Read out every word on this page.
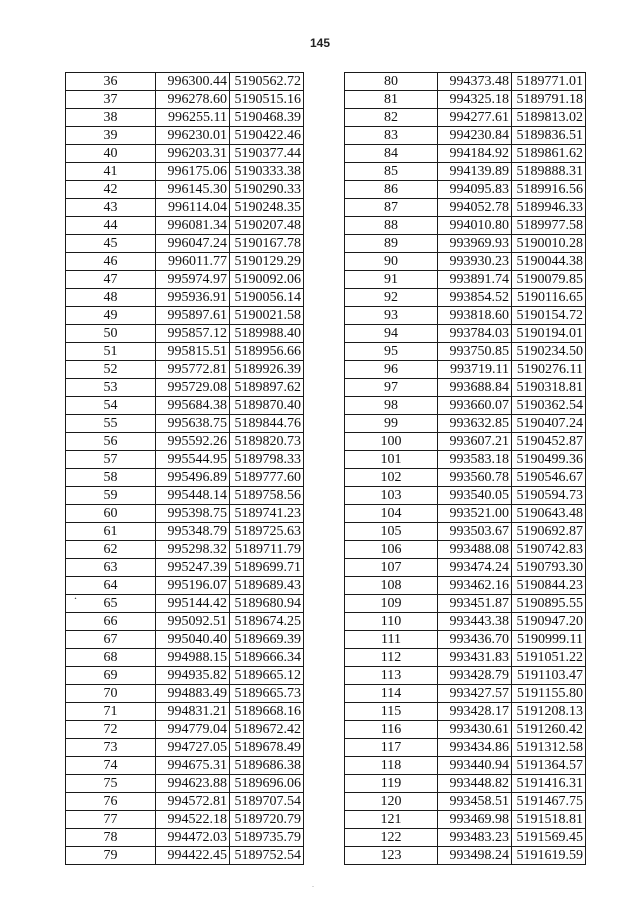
145
36	996300.44	5190562.72
37	996278.60	5190515.16
38	996255.11	5190468.39
39	996230.01	5190422.46
40	996203.31	5190377.44
41	996175.06	5190333.38
42	996145.30	5190290.33
43	996114.04	5190248.35
44	996081.34	5190207.48
45	996047.24	5190167.78
46	996011.77	5190129.29
47	995974.97	5190092.06
48	995936.91	5190056.14
49	995897.61	5190021.58
50	995857.12	5189988.40
51	995815.51	5189956.66
52	995772.81	5189926.39
53	995729.08	5189897.62
54	995684.38	5189870.40
55	995638.75	5189844.76
56	995592.26	5189820.73
57	995544.95	5189798.33
58	995496.89	5189777.60
59	995448.14	5189758.56
60	995398.75	5189741.23
61	995348.79	5189725.63
62	995298.32	5189711.79
63	995247.39	5189699.71
64	995196.07	5189689.43
65	995144.42	5189680.94
66	995092.51	5189674.25
67	995040.40	5189669.39
68	994988.15	5189666.34
69	994935.82	5189665.12
70	994883.49	5189665.73
71	994831.21	5189668.16
72	994779.04	5189672.42
73	994727.05	5189678.49
74	994675.31	5189686.38
75	994623.88	5189696.06
76	994572.81	5189707.54
77	994522.18	5189720.79
78	994472.03	5189735.79
79	994422.45	5189752.54
80	994373.48	5189771.01
81	994325.18	5189791.18
82	994277.61	5189813.02
83	994230.84	5189836.51
84	994184.92	5189861.62
85	994139.89	5189888.31
86	994095.83	5189916.56
87	994052.78	5189946.33
88	994010.80	5189977.58
89	993969.93	5190010.28
90	993930.23	5190044.38
91	993891.74	5190079.85
92	993854.52	5190116.65
93	993818.60	5190154.72
94	993784.03	5190194.01
95	993750.85	5190234.50
96	993719.11	5190276.11
97	993688.84	5190318.81
98	993660.07	5190362.54
99	993632.85	5190407.24
100	993607.21	5190452.87
101	993583.18	5190499.36
102	993560.78	5190546.67
103	993540.05	5190594.73
104	993521.00	5190643.48
105	993503.67	5190692.87
106	993488.08	5190742.83
107	993474.24	5190793.30
108	993462.16	5190844.23
109	993451.87	5190895.55
110	993443.38	5190947.20
111	993436.70	5190999.11
112	993431.83	5191051.22
113	993428.79	5191103.47
114	993427.57	5191155.80
115	993428.17	5191208.13
116	993430.61	5191260.42
117	993434.86	5191312.58
118	993440.94	5191364.57
119	993448.82	5191416.31
120	993458.51	5191467.75
121	993469.98	5191518.81
122	993483.23	5191569.45
123	993498.24	5191619.59
.
.
